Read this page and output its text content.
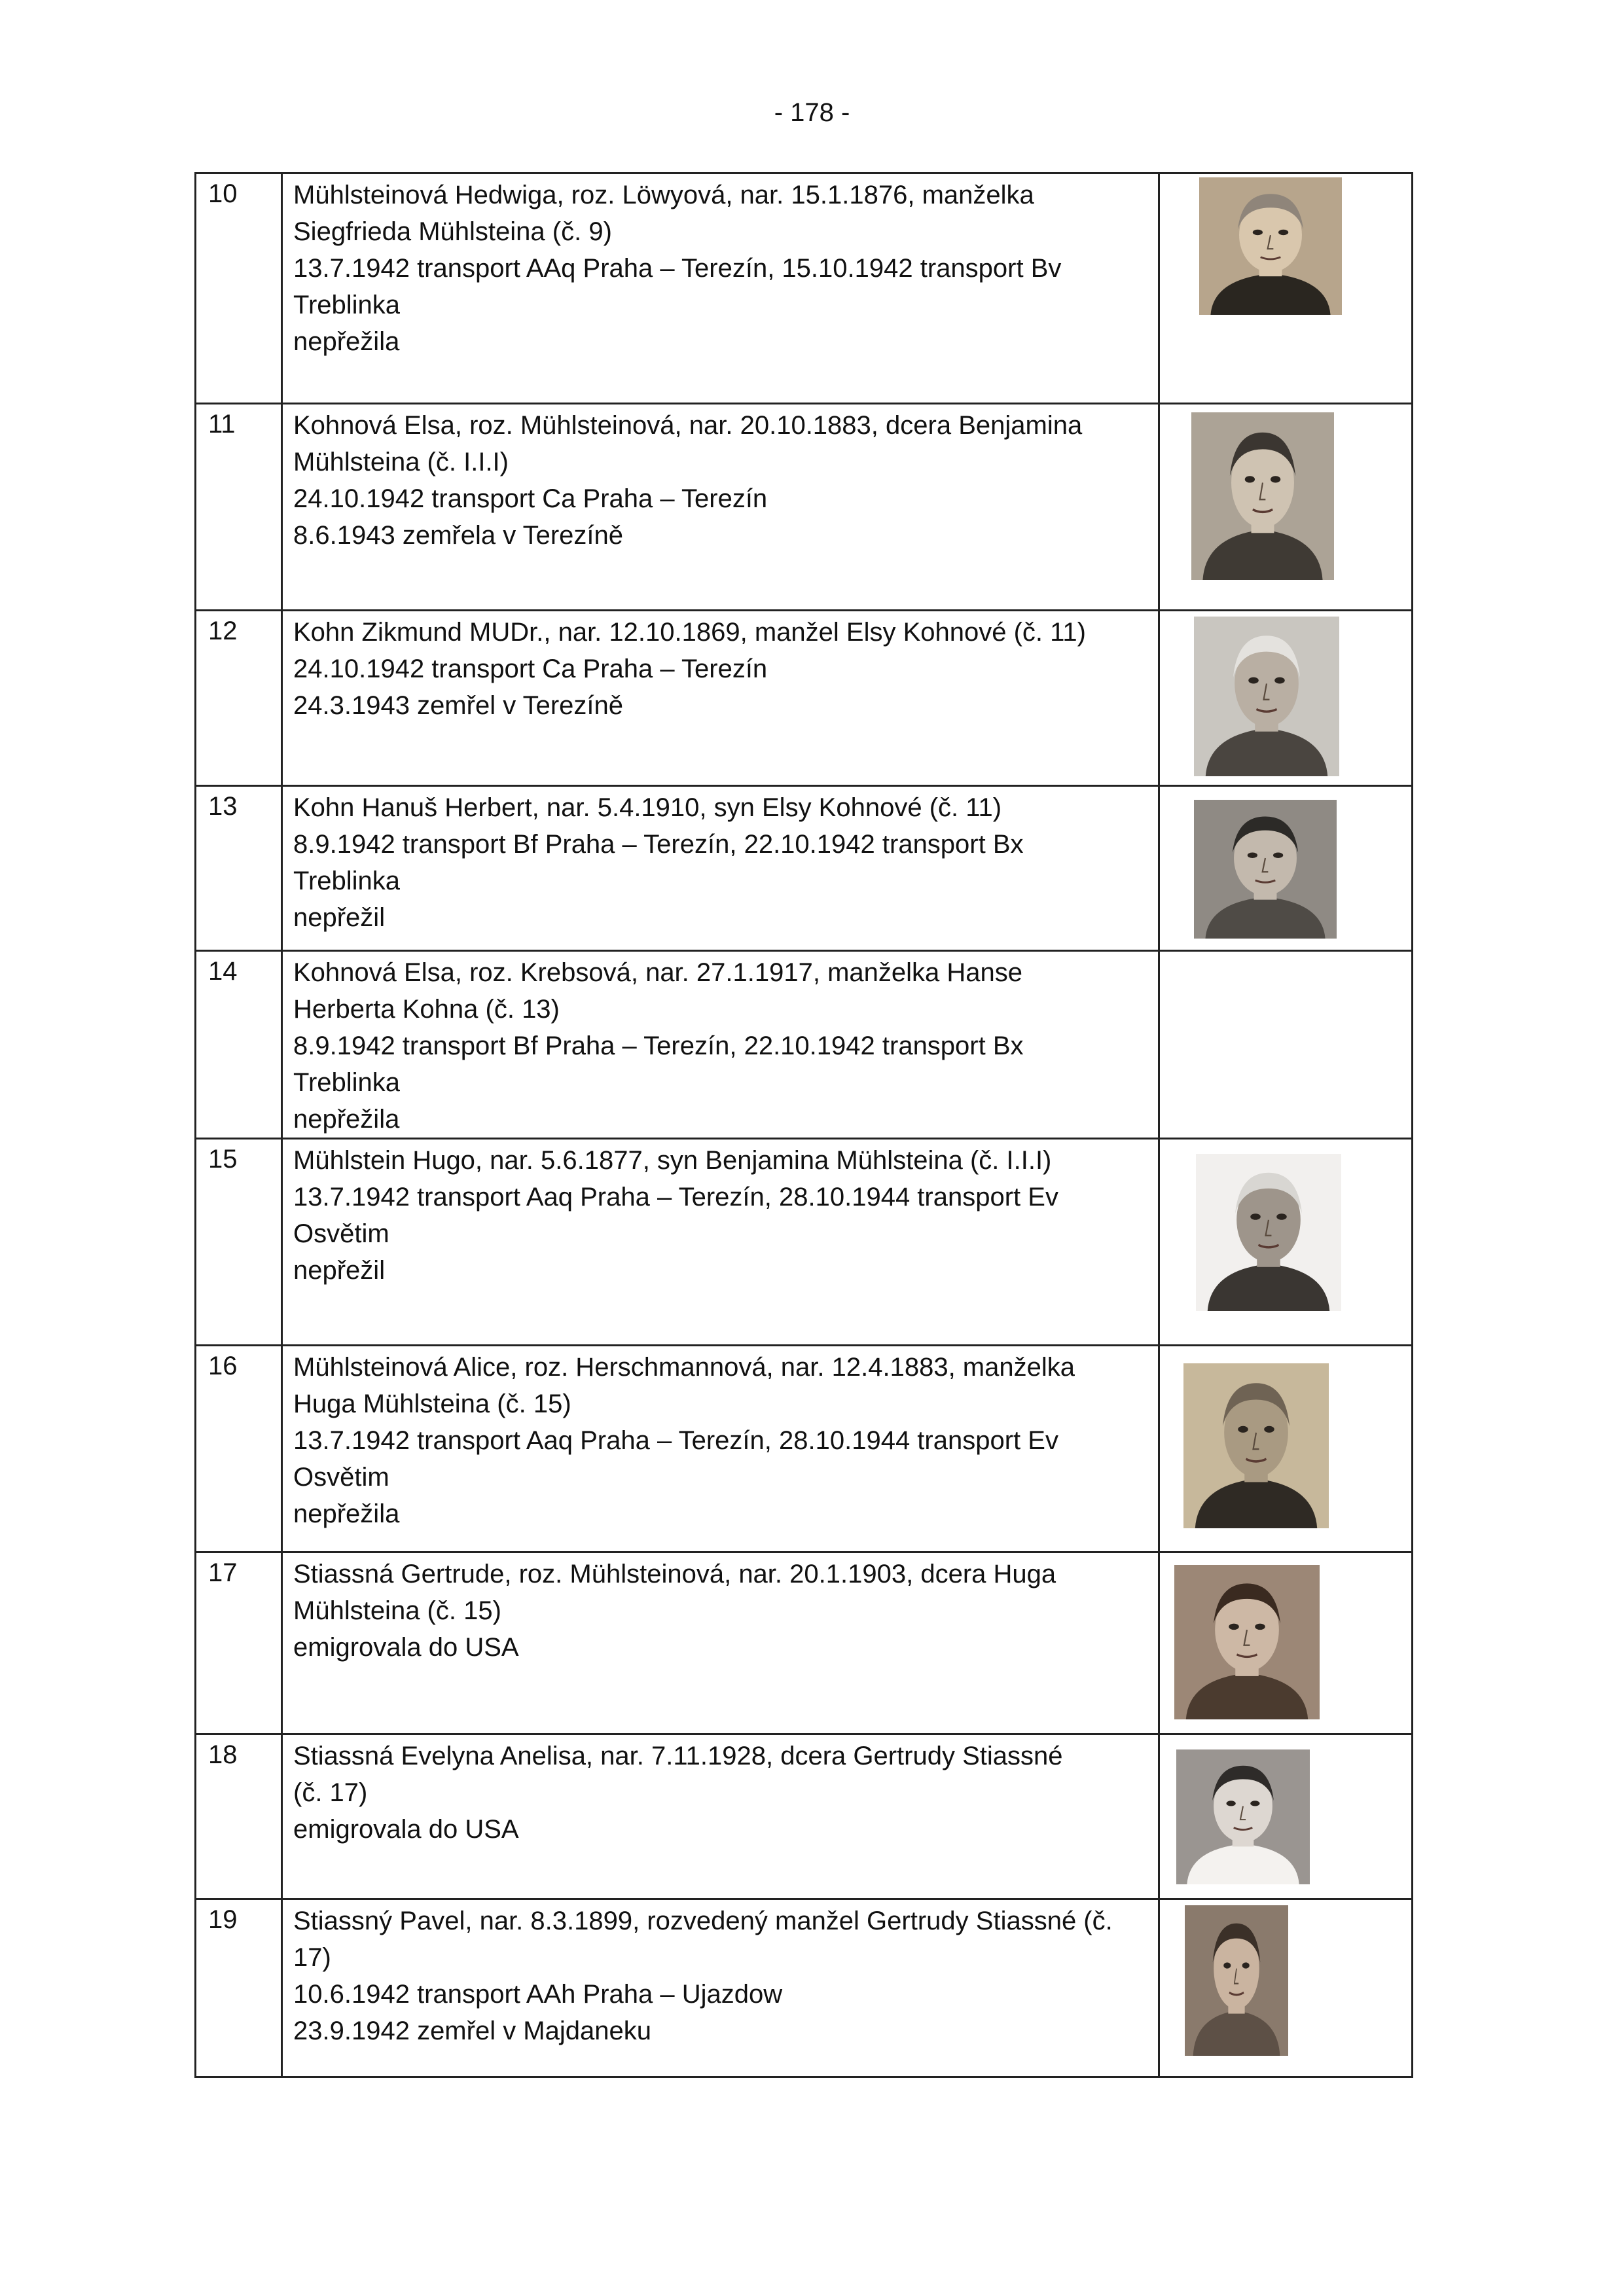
- 178 -
10	Mühlsteinová Hedwiga, roz. Löwyová, nar. 15.1.1876, manželka
Siegfrieda Mühlsteina (č. 9)
13.7.1942 transport AAq Praha – Terezín, 15.10.1942 transport Bv
Treblinka
nepřežila

11	Kohnová Elsa, roz. Mühlsteinová, nar. 20.10.1883, dcera Benjamina
Mühlsteina (č. I.I.I)
24.10.1942 transport Ca Praha – Terezín
8.6.1943 zemřela v Terezíně

12	Kohn Zikmund MUDr., nar. 12.10.1869, manžel Elsy Kohnové (č. 11)
24.10.1942 transport Ca Praha – Terezín
24.3.1943 zemřel v Terezíně

13	Kohn Hanuš Herbert, nar. 5.4.1910, syn Elsy Kohnové (č. 11)
8.9.1942 transport Bf Praha – Terezín, 22.10.1942 transport Bx
Treblinka
nepřežil

14	Kohnová Elsa, roz. Krebsová, nar. 27.1.1917, manželka Hanse
Herberta Kohna (č. 13)
8.9.1942 transport Bf Praha – Terezín, 22.10.1942 transport Bx
Treblinka
nepřežila	

15	Mühlstein Hugo, nar. 5.6.1877, syn Benjamina Mühlsteina (č. I.I.I)
13.7.1942 transport Aaq Praha – Terezín, 28.10.1944 transport Ev
Osvětim
nepřežil

16	Mühlsteinová Alice, roz. Herschmannová, nar. 12.4.1883, manželka
Huga Mühlsteina (č. 15)
13.7.1942 transport Aaq Praha – Terezín, 28.10.1944 transport Ev
Osvětim
nepřežila

17	Stiassná Gertrude, roz. Mühlsteinová, nar. 20.1.1903, dcera Huga
Mühlsteina (č. 15)
emigrovala do USA

18	Stiassná Evelyna Anelisa, nar. 7.11.1928, dcera Gertrudy Stiassné
(č. 17)
emigrovala do USA

19	Stiassný Pavel, nar. 8.3.1899, rozvedený manžel Gertrudy Stiassné (č.
17)
10.6.1942 transport AAh Praha – Ujazdow
23.9.1942 zemřel v Majdaneku
